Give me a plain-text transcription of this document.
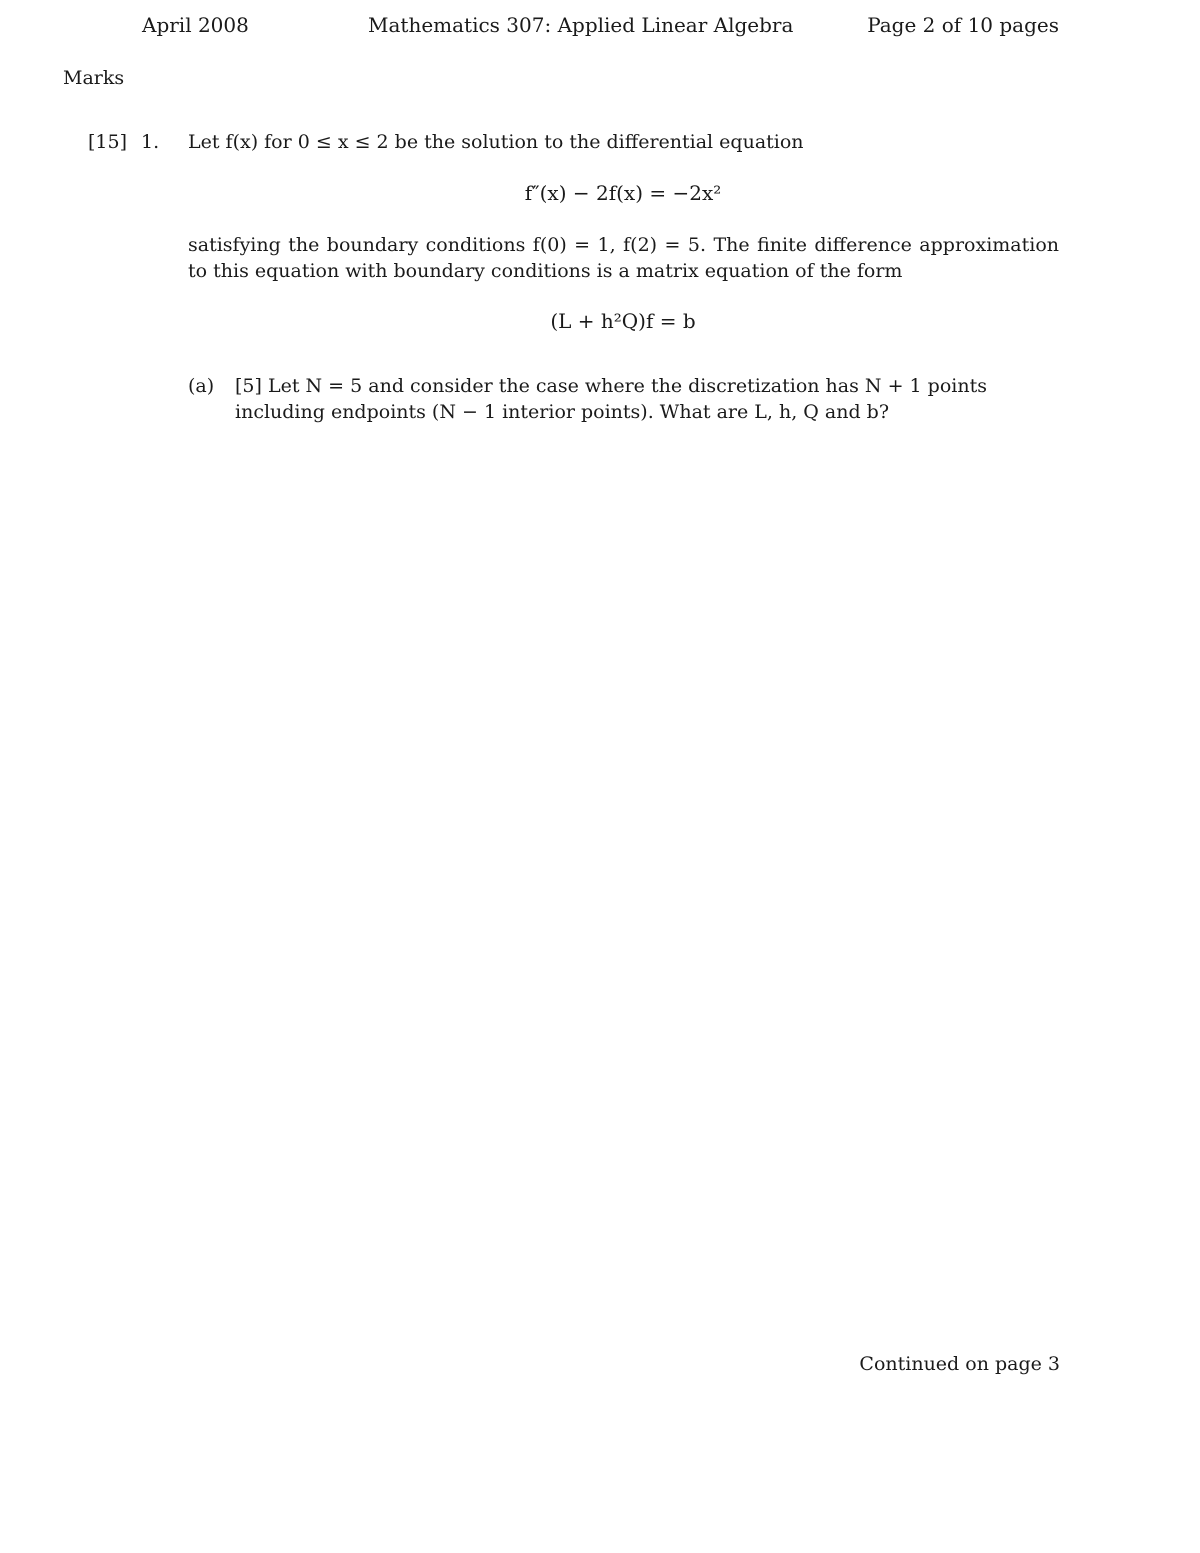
April 2008	Mathematics 307: Applied Linear Algebra	Page 2 of 10 pages
Marks
[15] 1. Let f(x) for 0 ≤ x ≤ 2 be the solution to the differential equation
f″(x) − 2f(x) = −2x²
satisfying the boundary conditions f(0) = 1, f(2) = 5. The finite difference approximation to this equation with boundary conditions is a matrix equation of the form
(L + h²Q)f = b
(a) [5] Let N = 5 and consider the case where the discretization has N + 1 points including endpoints (N − 1 interior points). What are L, h, Q and b?
Continued on page 3
